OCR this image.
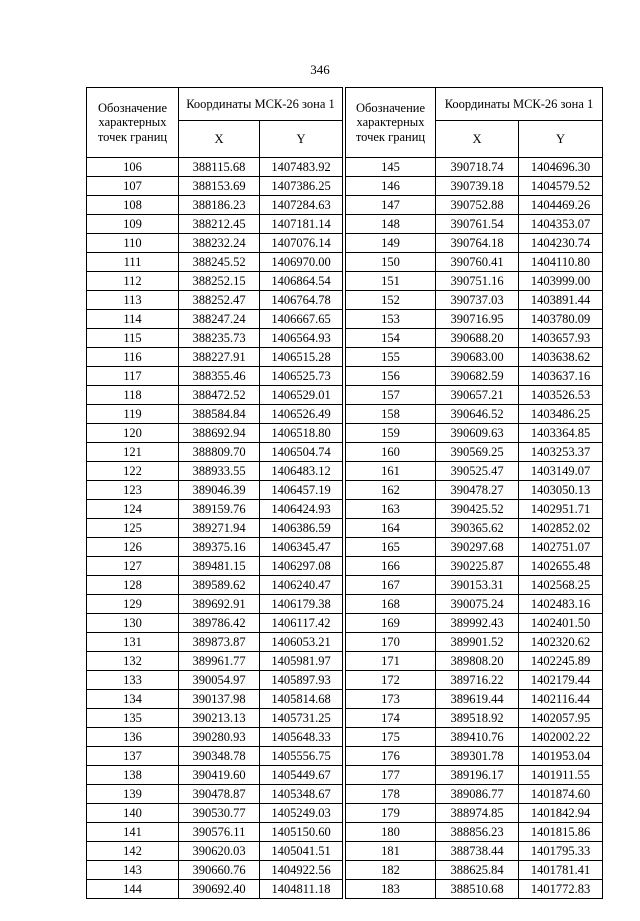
346
Обозначение характерных точек границ	Координаты МСК-26 зона 1	
	X	Y
106	388115.68	1407483.92
107	388153.69	1407386.25
108	388186.23	1407284.63
109	388212.45	1407181.14
110	388232.24	1407076.14
111	388245.52	1406970.00
112	388252.15	1406864.54
113	388252.47	1406764.78
114	388247.24	1406667.65
115	388235.73	1406564.93
116	388227.91	1406515.28
117	388355.46	1406525.73
118	388472.52	1406529.01
119	388584.84	1406526.49
120	388692.94	1406518.80
121	388809.70	1406504.74
122	388933.55	1406483.12
123	389046.39	1406457.19
124	389159.76	1406424.93
125	389271.94	1406386.59
126	389375.16	1406345.47
127	389481.15	1406297.08
128	389589.62	1406240.47
129	389692.91	1406179.38
130	389786.42	1406117.42
131	389873.87	1406053.21
132	389961.77	1405981.97
133	390054.97	1405897.93
134	390137.98	1405814.68
135	390213.13	1405731.25
136	390280.93	1405648.33
137	390348.78	1405556.75
138	390419.60	1405449.67
139	390478.87	1405348.67
140	390530.77	1405249.03
141	390576.11	1405150.60
142	390620.03	1405041.51
143	390660.76	1404922.56
144	390692.40	1404811.18
Обозначение характерных точек границ	Координаты МСК-26 зона 1	
	X	Y
145	390718.74	1404696.30
146	390739.18	1404579.52
147	390752.88	1404469.26
148	390761.54	1404353.07
149	390764.18	1404230.74
150	390760.41	1404110.80
151	390751.16	1403999.00
152	390737.03	1403891.44
153	390716.95	1403780.09
154	390688.20	1403657.93
155	390683.00	1403638.62
156	390682.59	1403637.16
157	390657.21	1403526.53
158	390646.52	1403486.25
159	390609.63	1403364.85
160	390569.25	1403253.37
161	390525.47	1403149.07
162	390478.27	1403050.13
163	390425.52	1402951.71
164	390365.62	1402852.02
165	390297.68	1402751.07
166	390225.87	1402655.48
167	390153.31	1402568.25
168	390075.24	1402483.16
169	389992.43	1402401.50
170	389901.52	1402320.62
171	389808.20	1402245.89
172	389716.22	1402179.44
173	389619.44	1402116.44
174	389518.92	1402057.95
175	389410.76	1402002.22
176	389301.78	1401953.04
177	389196.17	1401911.55
178	389086.77	1401874.60
179	388974.85	1401842.94
180	388856.23	1401815.86
181	388738.44	1401795.33
182	388625.84	1401781.41
183	388510.68	1401772.83
